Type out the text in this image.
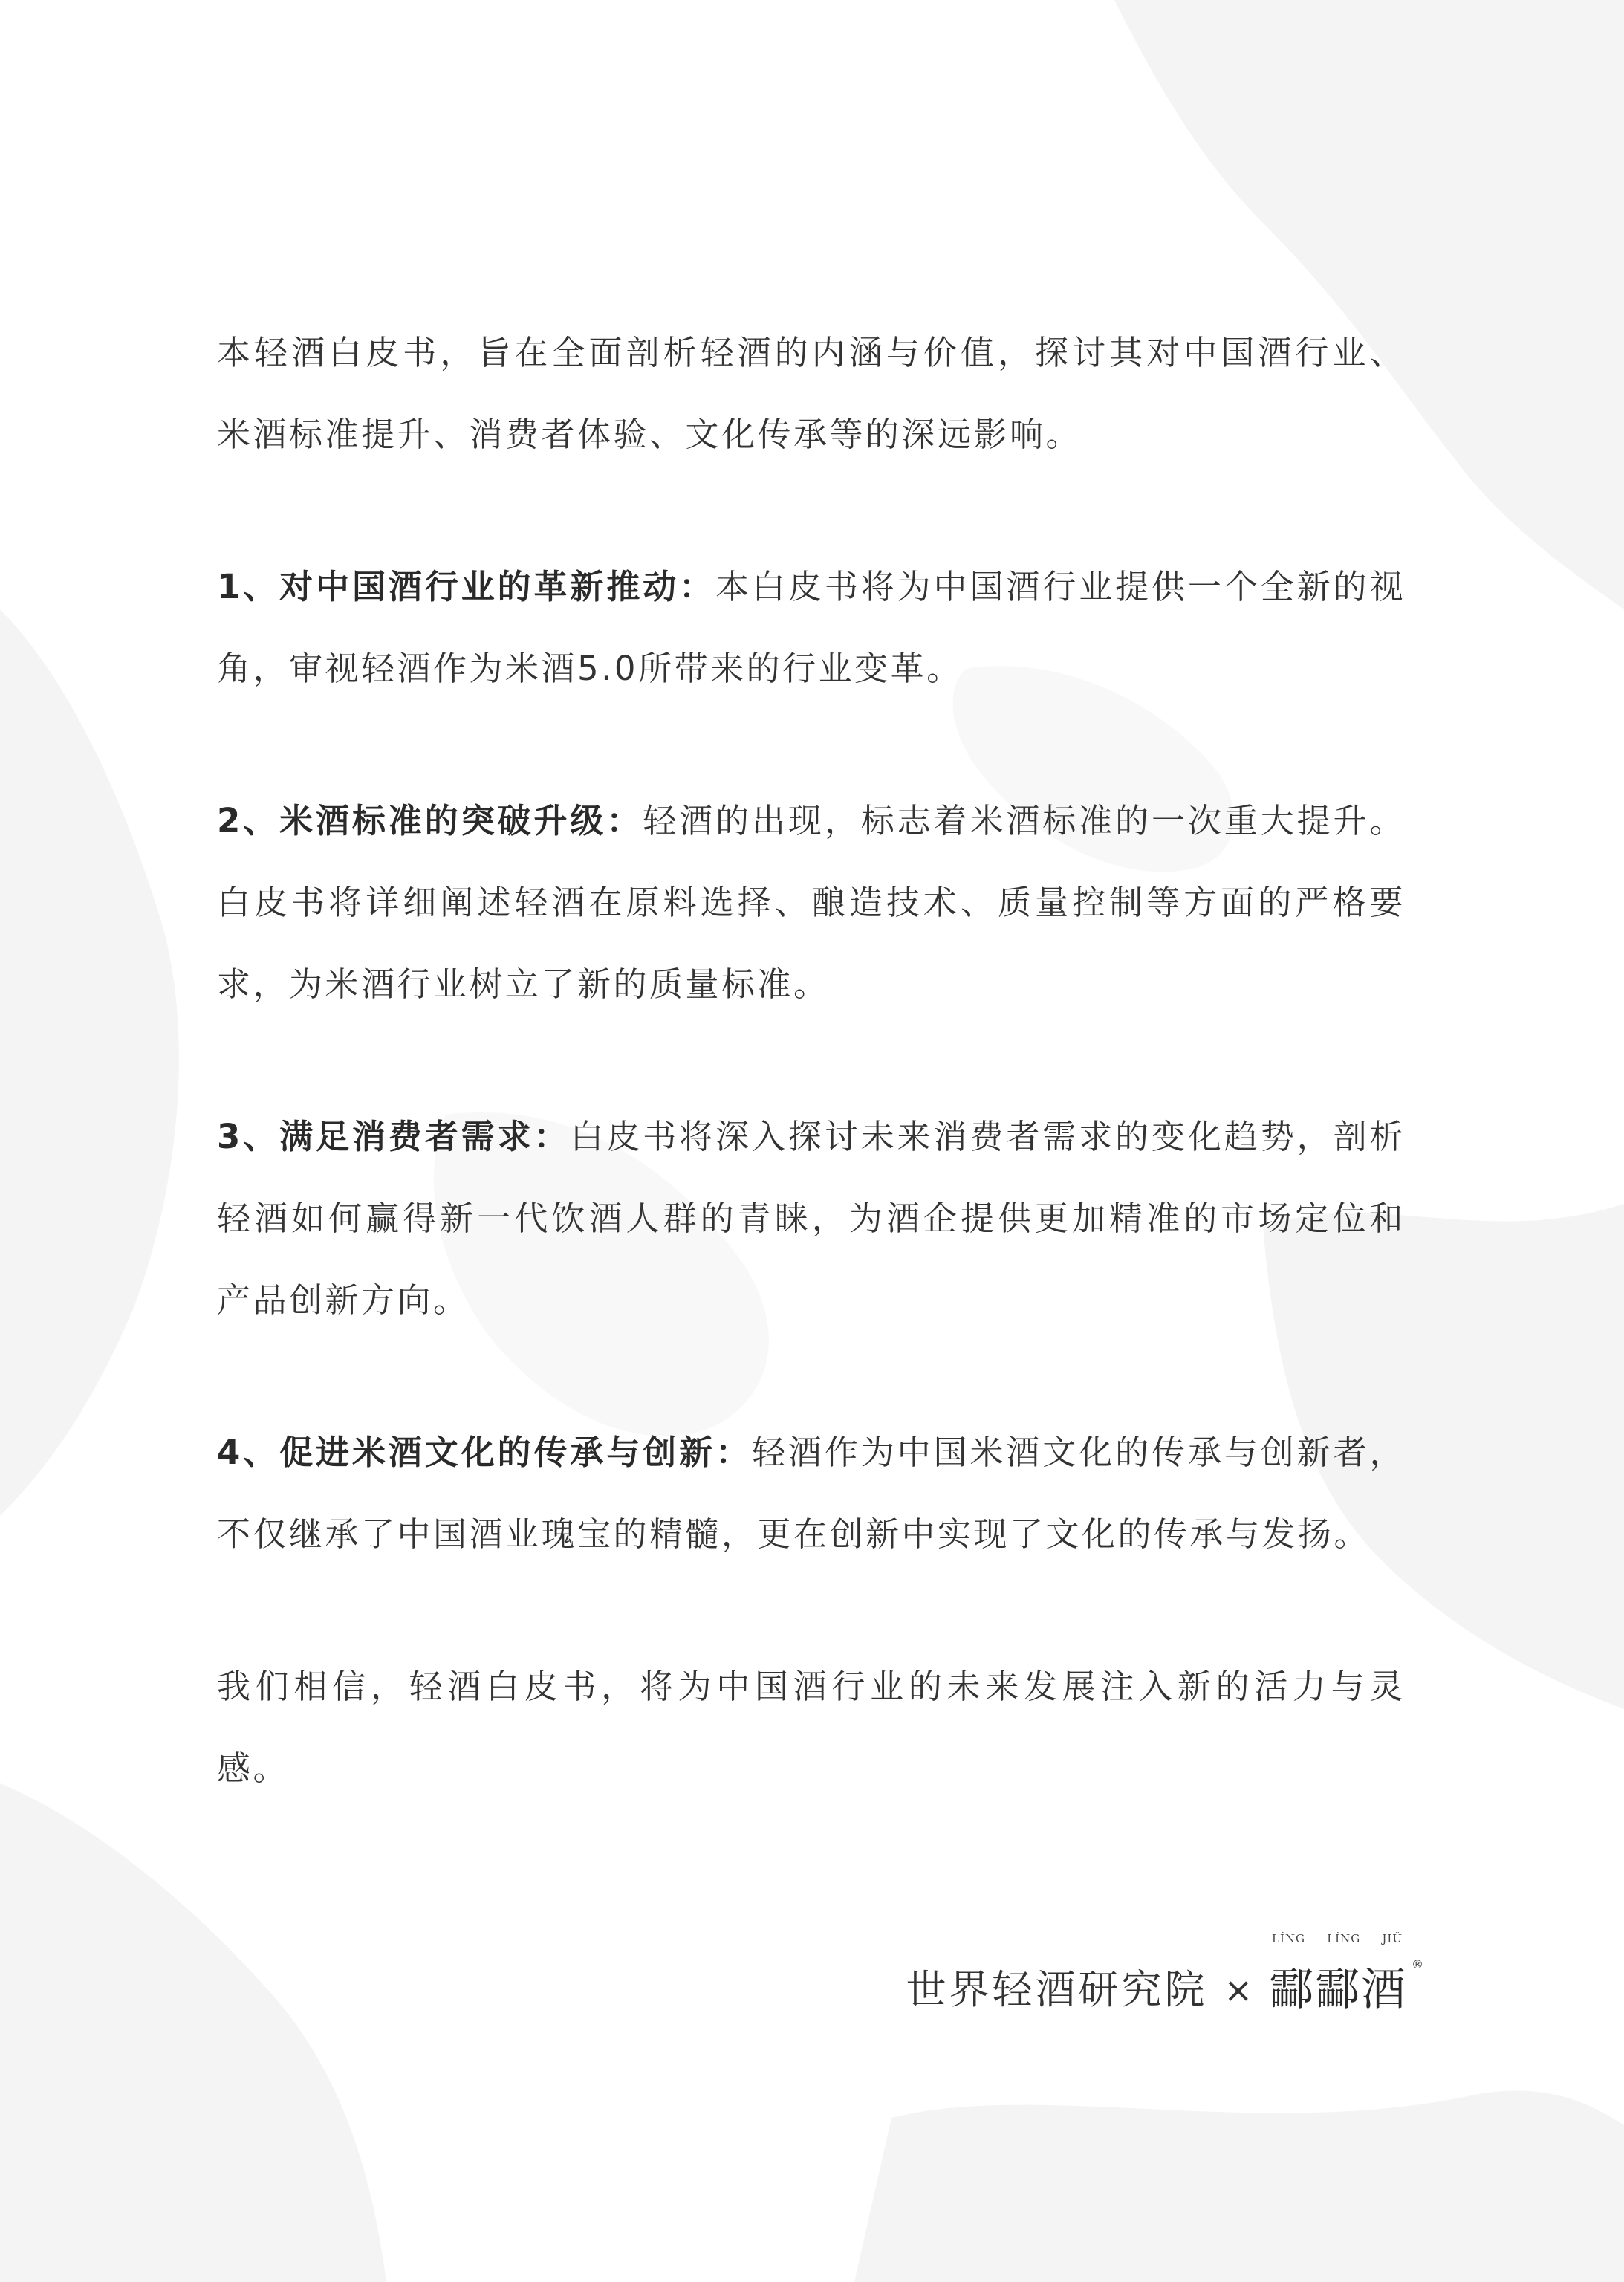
本轻酒白皮书，旨在全面剖析轻酒的内涵与价值，探讨其对中国酒行业、米酒标准提升、消费者体验、文化传承等的深远影响。

1、对中国酒行业的革新推动：本白皮书将为中国酒行业提供一个全新的视角，审视轻酒作为米酒5.0所带来的行业变革。

2、米酒标准的突破升级：轻酒的出现，标志着米酒标准的一次重大提升。白皮书将详细阐述轻酒在原料选择、酿造技术、质量控制等方面的严格要求，为米酒行业树立了新的质量标准。

3、满足消费者需求：白皮书将深入探讨未来消费者需求的变化趋势，剖析轻酒如何赢得新一代饮酒人群的青睐，为酒企提供更加精准的市场定位和产品创新方向。

4、促进米酒文化的传承与创新：轻酒作为中国米酒文化的传承与创新者，不仅继承了中国酒业瑰宝的精髓，更在创新中实现了文化的传承与发扬。

我们相信，轻酒白皮书，将为中国酒行业的未来发展注入新的活力与灵感。

世界轻酒研究院 ×
LÍNG LÍNG JIǓ
酃酃酒 ®
